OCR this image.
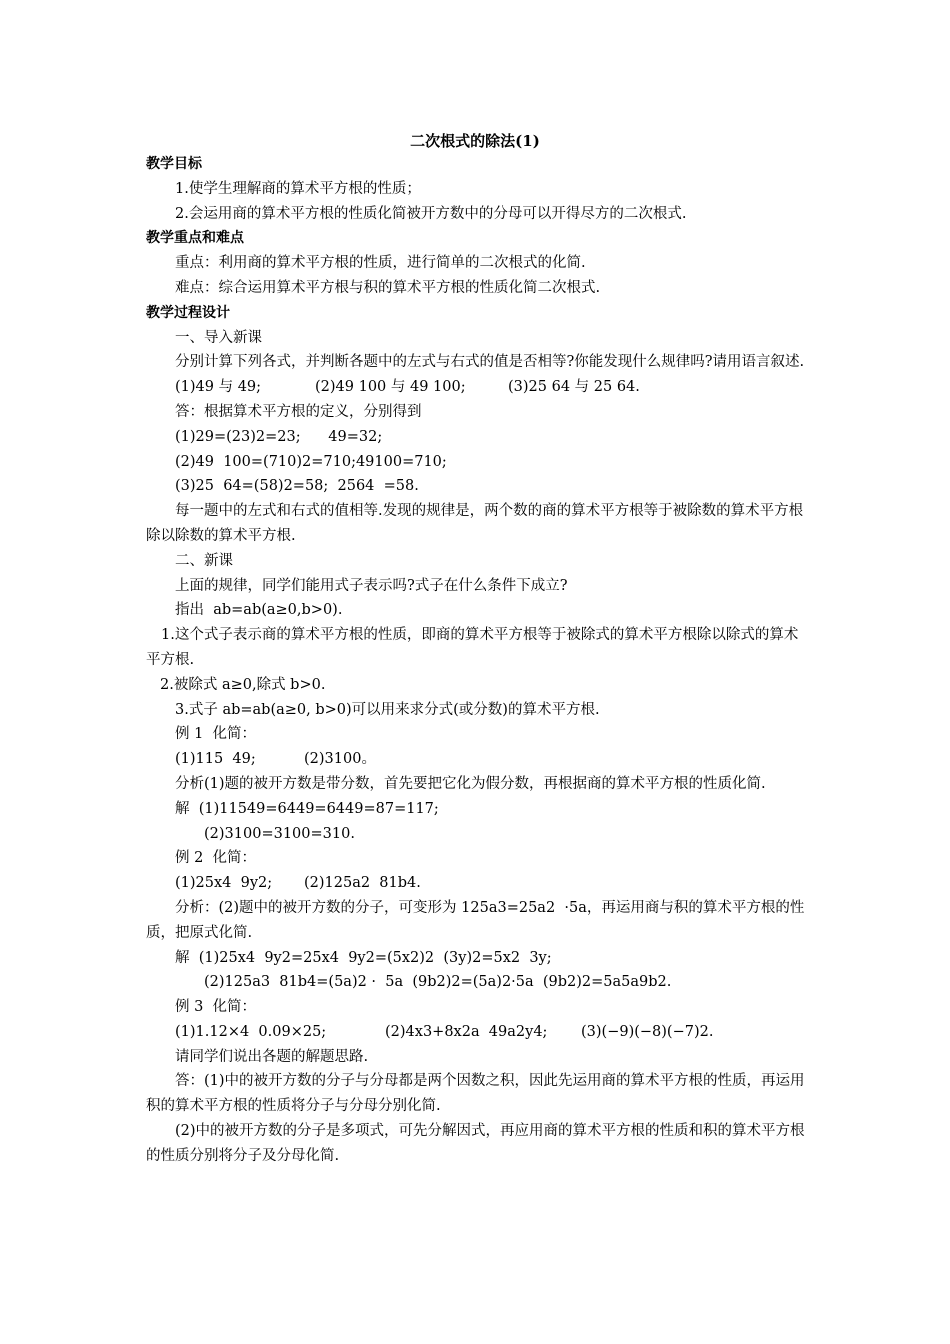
二次根式的除法(1)
教学目标
1.使学生理解商的算术平方根的性质；
2.会运用商的算术平方根的性质化简被开方数中的分母可以开得尽方的二次根式.
教学重点和难点
重点：利用商的算术平方根的性质，进行简单的二次根式的化简.
难点：综合运用算术平方根与积的算术平方根的性质化简二次根式.
教学过程设计
一、导入新课
分别计算下列各式，并判断各题中的左式与右式的值是否相等?你能发现什么规律吗?请用语言叙述.
(1)49 与 49;	(2)49 100 与 49 100;	(3)25 64 与 25 64.
答：根据算术平方根的定义，分别得到
(1)29=(23)2=23;      49=32;
(2)49  100=(710)2=710;49100=710;
(3)25  64=(58)2=58;  2564  =58.
每一题中的左式和右式的值相等.发现的规律是，两个数的商的算术平方根等于被除数的算术平方根除以除数的算术平方根.
二、新课
上面的规律，同学们能用式子表示吗?式子在什么条件下成立?
指出  ab=ab(a≥0,b>0).
1.这个式子表示商的算术平方根的性质，即商的算术平方根等于被除式的算术平方根除以除式的算术平方根.
2.被除式 a≥0,除式 b>0.
3.式子 ab=ab(a≥0, b>0)可以用来求分式(或分数)的算术平方根.
例 1  化简：
(1)115  49;	(2)3100。
分析(1)题的被开方数是带分数，首先要把它化为假分数，再根据商的算术平方根的性质化简.
解  (1)11549=6449=6449=87=117;
(2)3100=3100=310.
例 2  化简：
(1)25x4  9y2;	(2)125a2  81b4.
分析：(2)题中的被开方数的分子，可变形为 125a3=25a2  ·5a，再运用商与积的算术平方根的性质，把原式化简.
解  (1)25x4  9y2=25x4  9y2=(5x2)2  (3y)2=5x2  3y;
(2)125a3  81b4=(5a)2 ·  5a  (9b2)2=(5a)2·5a  (9b2)2=5a5a9b2.
例 3  化简：
(1)1.12×4  0.09×25;	(2)4x3+8x2a  49a2y4;	(3)(−9)(−8)(−7)2.
请同学们说出各题的解题思路.
答：(1)中的被开方数的分子与分母都是两个因数之积，因此先运用商的算术平方根的性质，再运用积的算术平方根的性质将分子与分母分别化简.
(2)中的被开方数的分子是多项式，可先分解因式，再应用商的算术平方根的性质和积的算术平方根的性质分别将分子及分母化简.
